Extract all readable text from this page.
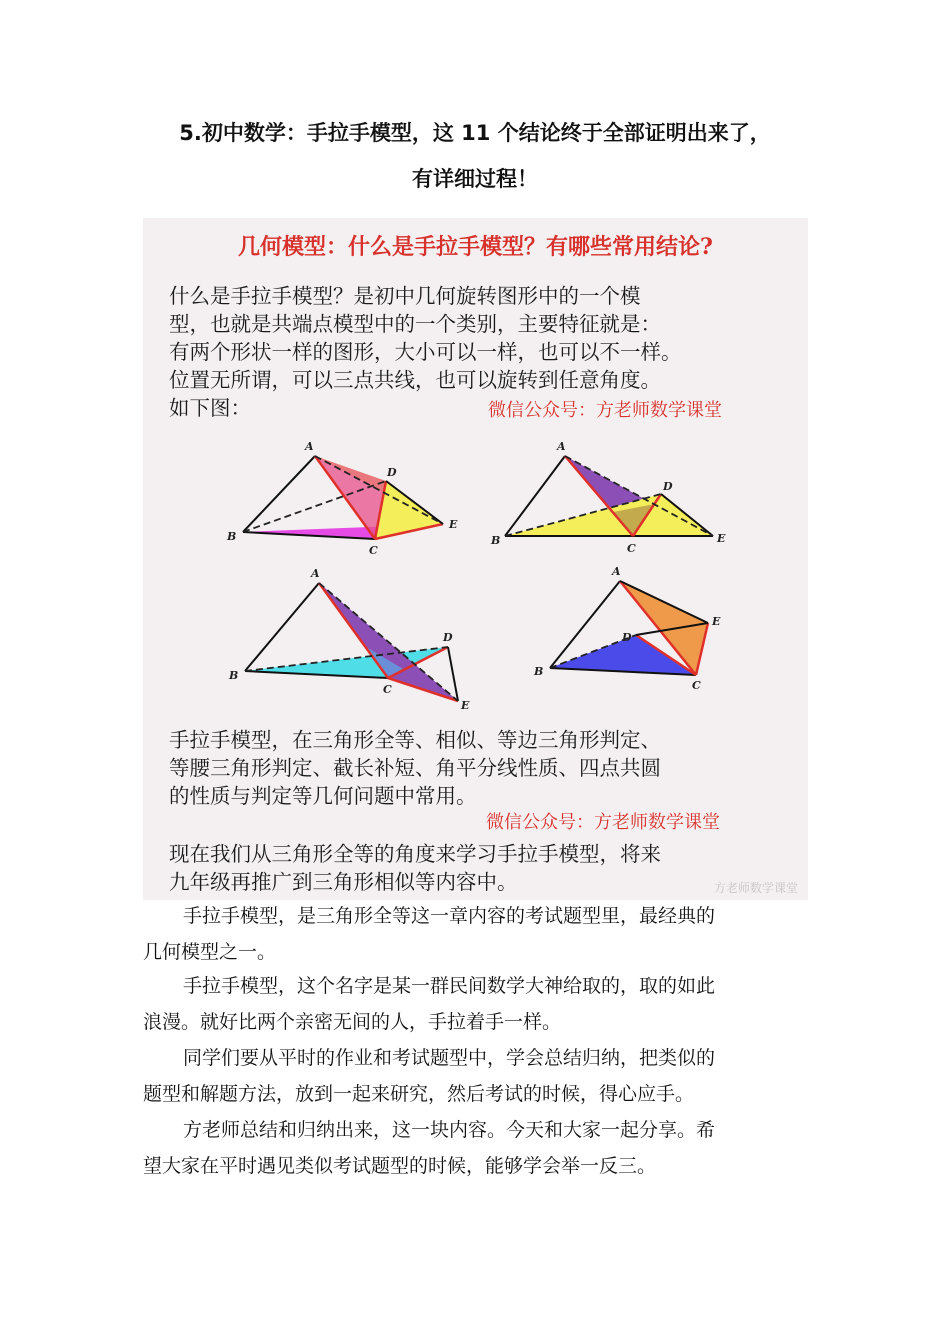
5.初中数学：手拉手模型，这 11 个结论终于全部证明出来了，
有详细过程！
几何模型：什么是手拉手模型？有哪些常用结论?
什么是手拉手模型？是初中几何旋转图形中的一个模
型，也就是共端点模型中的一个类别，主要特征就是：
有两个形状一样的图形，大小可以一样，也可以不一样。
位置无所谓，可以三点共线，也可以旋转到任意角度。
如下图：	微信公众号：方老师数学课堂
A
B
C
D
E
A
B
C
D
E
A
B
C
D
E
A
B
C
D
E
手拉手模型，在三角形全等、相似、等边三角形判定、
等腰三角形判定、截长补短、角平分线性质、四点共圆
的性质与判定等几何问题中常用。
微信公众号：方老师数学课堂
现在我们从三角形全等的角度来学习手拉手模型，将来
九年级再推广到三角形相似等内容中。	方老师数学课堂
手拉手模型，是三角形全等这一章内容的考试题型里，最经典的
几何模型之一。
手拉手模型，这个名字是某一群民间数学大神给取的，取的如此
浪漫。就好比两个亲密无间的人，手拉着手一样。
同学们要从平时的作业和考试题型中，学会总结归纳，把类似的
题型和解题方法，放到一起来研究，然后考试的时候，得心应手。
方老师总结和归纳出来，这一块内容。今天和大家一起分享。希
望大家在平时遇见类似考试题型的时候，能够学会举一反三。
